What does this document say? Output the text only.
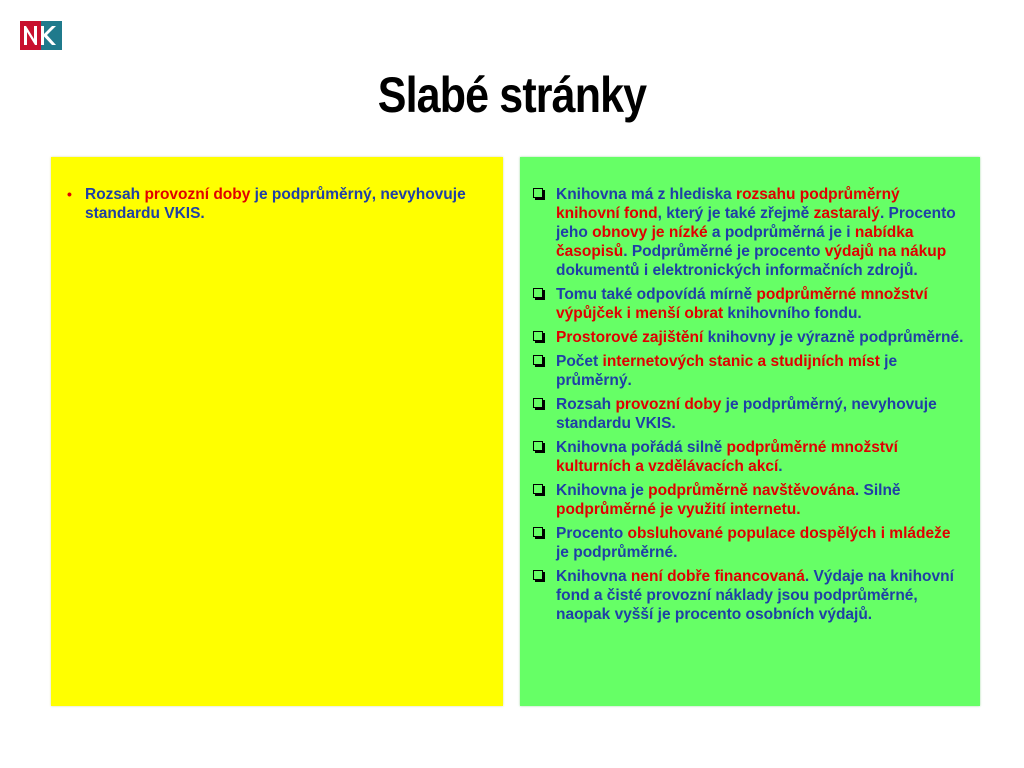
Slabé stránky
• Rozsah provozní doby je podprůměrný, nevyhovuje standardu VKIS.
Knihovna má z hlediska rozsahu podprůměrný knihovní fond, který je také zřejmě zastaralý. Procento jeho obnovy je nízké a podprůměrná je i nabídka časopisů. Podprůměrné je procento výdajů na nákup dokumentů i elektronických informačních zdrojů.
Tomu také odpovídá mírně podprůměrné množství výpůjček i menší obrat knihovního fondu.
Prostorové zajištění knihovny je výrazně podprůměrné.
Počet internetových stanic a studijních míst je průměrný.
Rozsah provozní doby je podprůměrný, nevyhovuje standardu VKIS.
Knihovna pořádá silně podprůměrné množství kulturních a vzdělávacích akcí.
Knihovna je podprůměrně navštěvována. Silně podprůměrné je využití internetu.
Procento obsluhované populace dospělých i mládeže je podprůměrné.
Knihovna není dobře financovaná. Výdaje na knihovní fond a čisté provozní náklady jsou podprůměrné, naopak vyšší je procento osobních výdajů.
